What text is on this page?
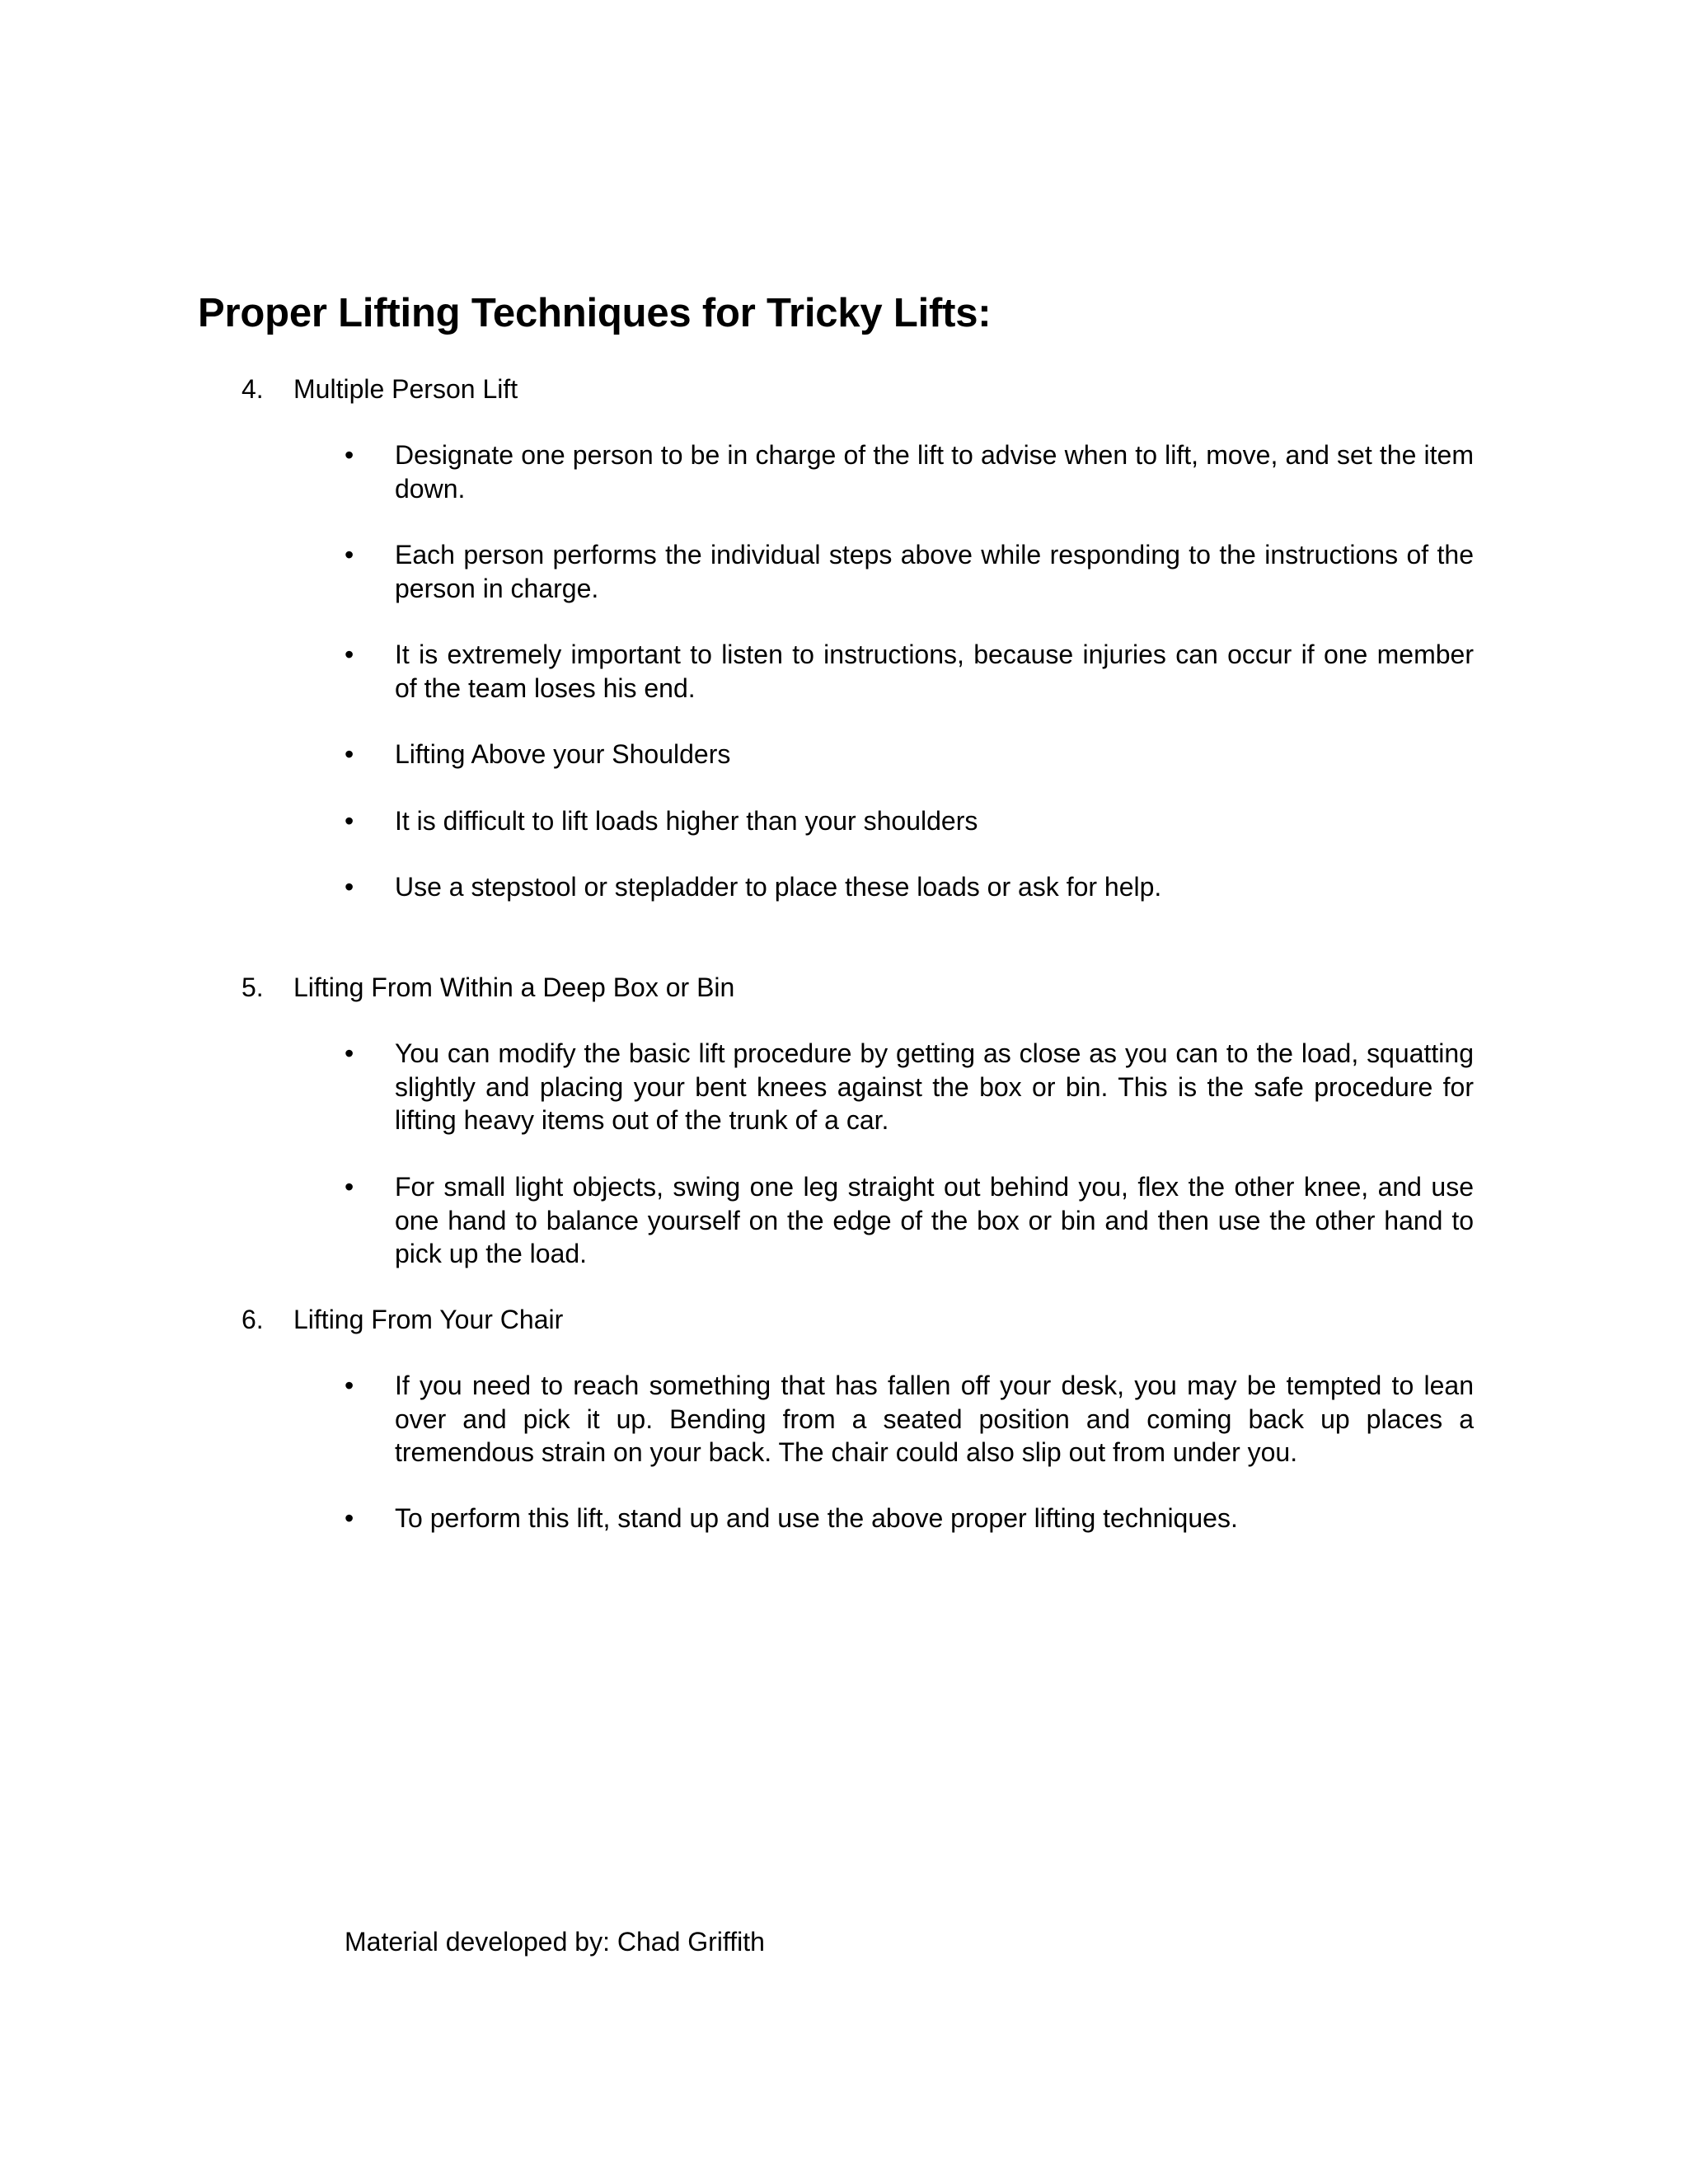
Proper Lifting Techniques for Tricky Lifts:
4. Multiple Person Lift
•	Designate one person to be in charge of the lift to advise when to lift, move, and set the item down.
•	Each person performs the individual steps above while responding to the instructions of the person in charge.
•	It is extremely important to listen to instructions, because injuries can occur if one member of the team loses his end.
•	Lifting Above your Shoulders
•	It is difficult to lift loads higher than your shoulders
•	Use a stepstool or stepladder to place these loads or ask for help.
5. Lifting From Within a Deep Box or Bin
•	You can modify the basic lift procedure by getting as close as you can to the load, squatting slightly and placing your bent knees against the box or bin. This is the safe procedure for lifting heavy items out of the trunk of a car.
•	For small light objects, swing one leg straight out behind you, flex the other knee, and use one hand to balance yourself on the edge of the box or bin and then use the other hand to pick up the load.
6. Lifting From Your Chair
•	If you need to reach something that has fallen off your desk, you may be tempted to lean over and pick it up. Bending from a seated position and coming back up places a tremendous strain on your back. The chair could also slip out from under you.
•	To perform this lift, stand up and use the above proper lifting techniques.
Material developed by: Chad Griffith
